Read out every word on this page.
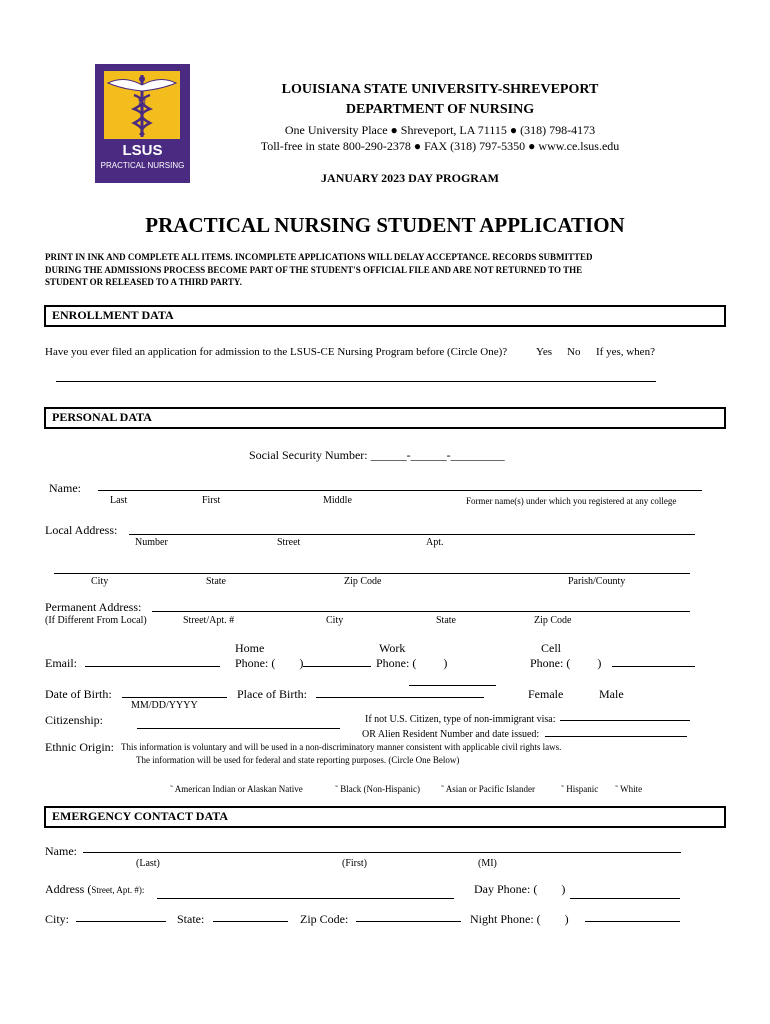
N
LSUS
PRACTICAL NURSING
LOUISIANA STATE UNIVERSITY-SHREVEPORT
DEPARTMENT OF NURSING
One University Place ● Shreveport, LA 71115 ● (318) 798-4173
Toll-free in state 800-290-2378 ● FAX (318) 797-5350 ● www.ce.lsus.edu
JANUARY 2023 DAY PROGRAM
PRACTICAL NURSING STUDENT APPLICATION
PRINT IN INK AND COMPLETE ALL ITEMS. INCOMPLETE APPLICATIONS WILL DELAY ACCEPTANCE. RECORDS SUBMITTED
DURING THE ADMISSIONS PROCESS BECOME PART OF THE STUDENT'S OFFICIAL FILE AND ARE NOT RETURNED TO THE
STUDENT OR RELEASED TO A THIRD PARTY.
ENROLLMENT DATA
Have you ever filed an application for admission to the LSUS-CE Nursing Program before (Circle One)?	Yes No If yes, when?
PERSONAL DATA
Social Security Number: ______-______-_________
Name:
Last	First	Middle	Former name(s) under which you registered at any college
Local Address:
Number	Street	Apt.
City	State	Zip Code	Parish/County
Permanent Address:
(If Different From Local)	Street/Apt. #	City	State	Zip Code
Home	Work	Cell
Email:	Phone: (        )	Phone: (         )	Phone: (         )
Date of Birth:
MM/DD/YYYY
Place of Birth:	Female	Male
Citizenship:	If not U.S. Citizen, type of non-immigrant visa:
OR Alien Resident Number and date issued:
Ethnic Origin: This information is voluntary and will be used in a non-discriminatory manner consistent with applicable civil rights laws.
The information will be used for federal and state reporting purposes. (Circle One Below)
˜ American Indian or Alaskan Native	˜ Black (Non-Hispanic) ˜ Asian or Pacific Islander	˜ Hispanic ˜ White
EMERGENCY CONTACT DATA
Name:
(Last)	(First)	(MI)
Address (Street, Apt. #):	Day Phone: (        )
City:	State:	Zip Code:	Night Phone: (        )
